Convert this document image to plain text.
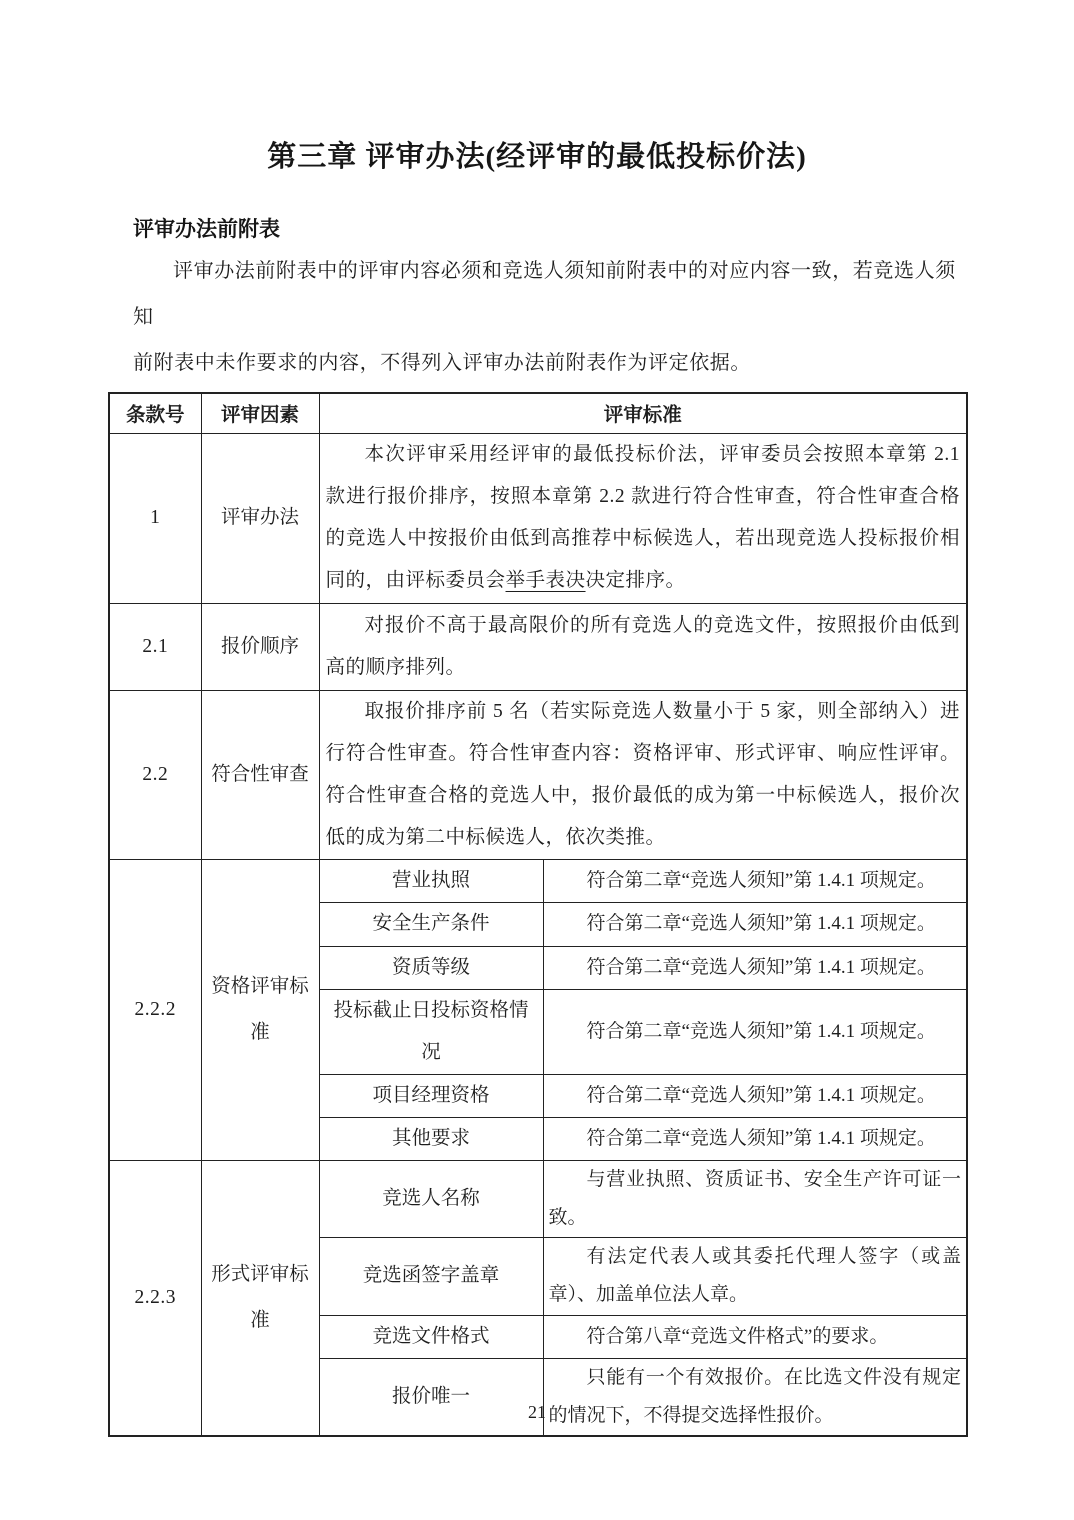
第三章 评审办法(经评审的最低投标价法)
评审办法前附表
评审办法前附表中的评审内容必须和竞选人须知前附表中的对应内容一致，若竞选人须知
前附表中未作要求的内容，不得列入评审办法前附表作为评定依据。
条款号	评审因素	评审标准	
1	评审办法	本次评审采用经评审的最低投标价法，评审委员会按照本章第 2.1 款进行报价排序，按照本章第 2.2 款进行符合性审查，符合性审查合格的竞选人中按报价由低到高推荐中标候选人，若出现竞选人投标报价相同的，由评标委员会举手表决决定排序。	

2.1	报价顺序	对报价不高于最高限价的所有竞选人的竞选文件，按照报价由低到高的顺序排列。	

2.2	符合性审查	取报价排序前 5 名（若实际竞选人数量小于 5 家，则全部纳入）进行符合性审查。符合性审查内容：资格评审、形式评审、响应性评审。符合性审查合格的竞选人中，报价最低的成为第一中标候选人，报价次低的成为第二中标候选人，依次类推。	

2.2.2	资格评审标准	营业执照	符合第二章“竞选人须知”第 1.4.1 项规定。

		安全生产条件	符合第二章“竞选人须知”第 1.4.1 项规定。

		资质等级	符合第二章“竞选人须知”第 1.4.1 项规定。

		投标截止日投标资格情况	符合第二章“竞选人须知”第 1.4.1 项规定。

		项目经理资格	符合第二章“竞选人须知”第 1.4.1 项规定。

		其他要求	符合第二章“竞选人须知”第 1.4.1 项规定。

2.2.3	形式评审标准	竞选人名称	与营业执照、资质证书、安全生产许可证一致。

		竞选函签字盖章	有法定代表人或其委托代理人签字（或盖章）、加盖单位法人章。

		竞选文件格式	符合第八章“竞选文件格式”的要求。

		报价唯一	只能有一个有效报价。在比选文件没有规定的情况下，不得提交选择性报价。
21
